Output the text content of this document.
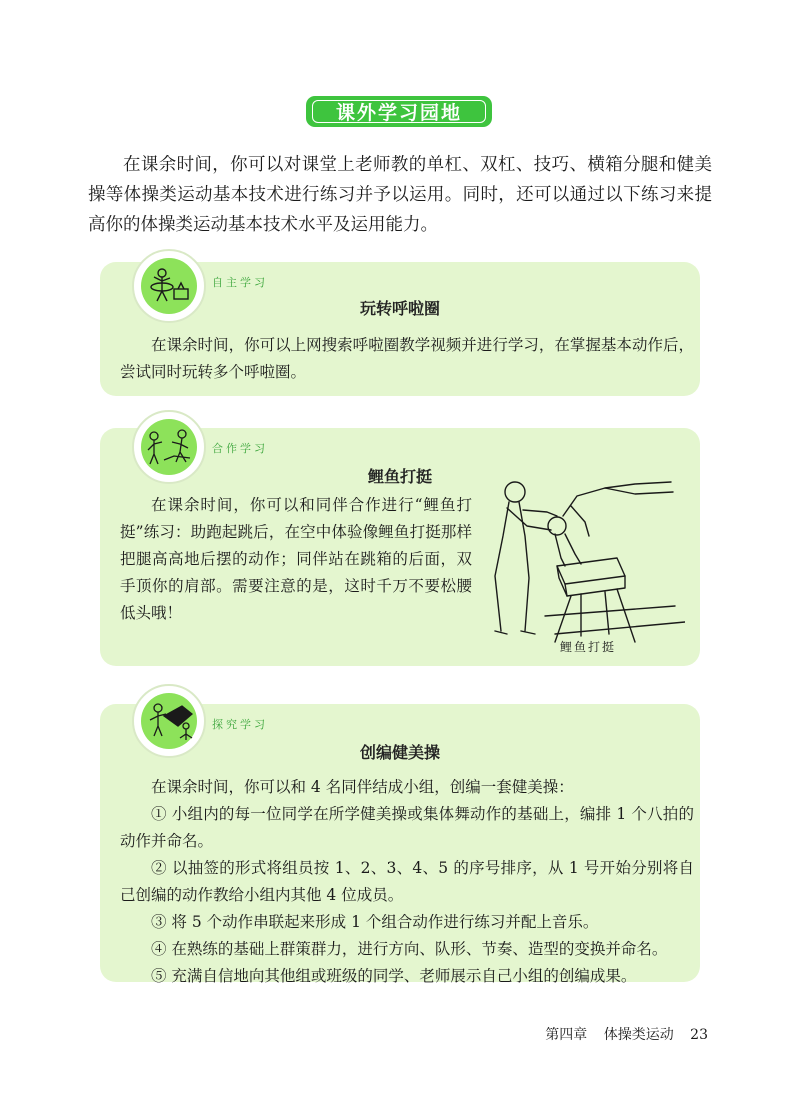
课外学习园地

在课余时间，你可以对课堂上老师教的单杠、双杠、技巧、横箱分腿和健美操等体操类运动基本技术进行练习并予以运用。同时，还可以通过以下练习来提高你的体操类运动基本技术水平及运用能力。

自主学习
玩转呼啦圈

在课余时间，你可以上网搜索呼啦圈教学视频并进行学习，在掌握基本动作后，尝试同时玩转多个呼啦圈。

合作学习
鲤鱼打挺

在课余时间，你可以和同伴合作进行“鲤鱼打挺”练习：助跑起跳后，在空中体验像鲤鱼打挺那样把腿高高地后摆的动作；同伴站在跳箱的后面，双手顶你的肩部。需要注意的是，这时千万不要松腰低头哦！

鲤鱼打挺
探究学习
创编健美操
在课余时间，你可以和 4 名同伴结成小组，创编一套健美操：
① 小组内的每一位同学在所学健美操或集体舞动作的基础上，编排 1 个八拍的动作并命名。
② 以抽签的形式将组员按 1、2、3、4、5 的序号排序，从 1 号开始分别将自己创编的动作教给小组内其他 4 位成员。
③ 将 5 个动作串联起来形成 1 个组合动作进行练习并配上音乐。
④ 在熟练的基础上群策群力，进行方向、队形、节奏、造型的变换并命名。
⑤ 充满自信地向其他组或班级的同学、老师展示自己小组的创编成果。
第四章 体操类运动 23
